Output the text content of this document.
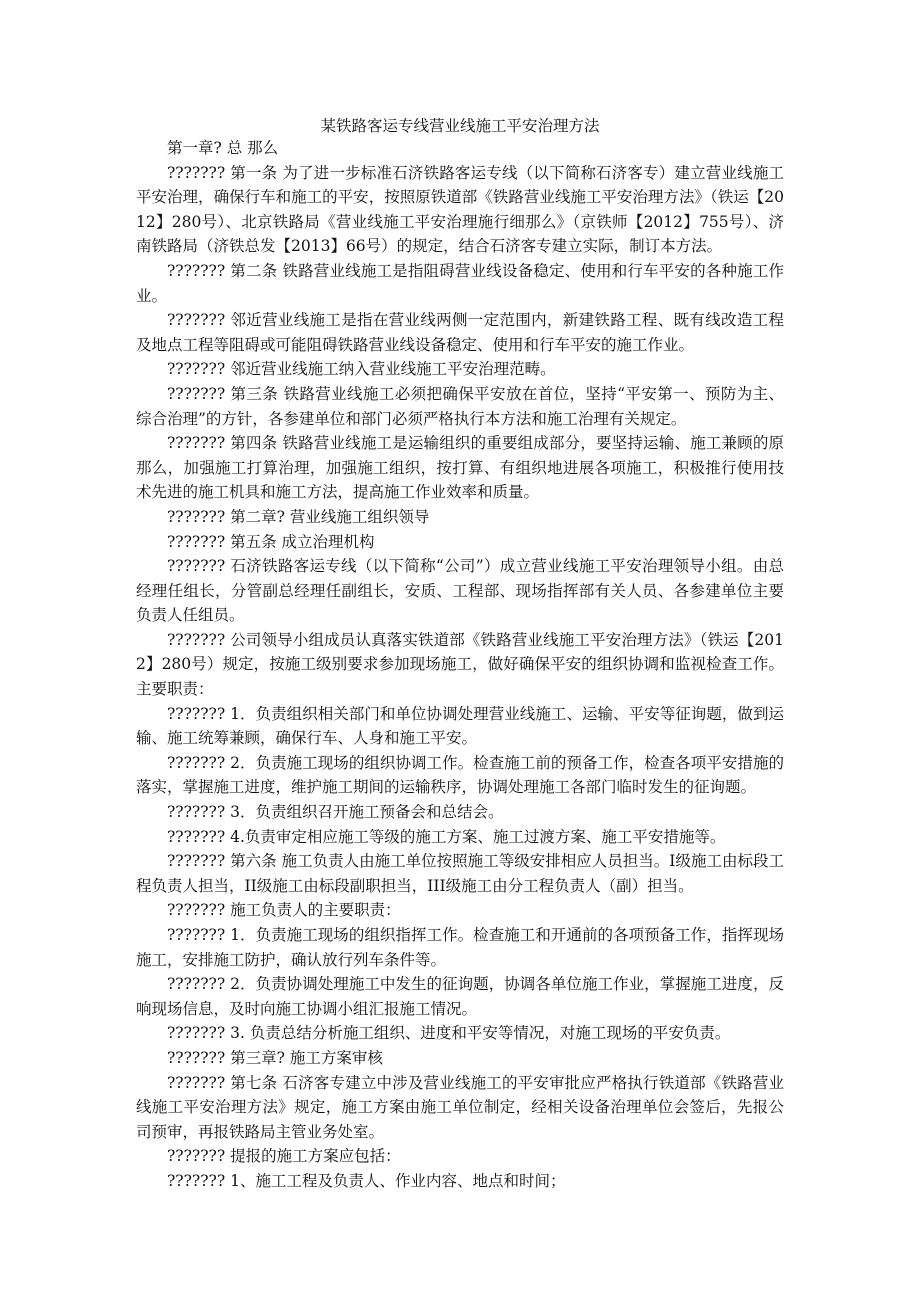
某铁路客运专线营业线施工平安治理方法

第一章? 总 那么

??????? 第一条 为了进一步标准石济铁路客运专线（以下简称石济客专）建立营业线施工平安治理，确保行车和施工的平安，按照原铁道部《铁路营业线施工平安治理方法》（铁运【2012】280号）、北京铁路局《营业线施工平安治理施行细那么》（京铁师【2012】755号）、济南铁路局（济铁总发【2013】66号）的规定，结合石济客专建立实际，制订本方法。

??????? 第二条 铁路营业线施工是指阻碍营业线设备稳定、使用和行车平安的各种施工作业。

??????? 邻近营业线施工是指在营业线两侧一定范围内，新建铁路工程、既有线改造工程及地点工程等阻碍或可能阻碍铁路营业线设备稳定、使用和行车平安的施工作业。

??????? 邻近营业线施工纳入营业线施工平安治理范畴。

??????? 第三条 铁路营业线施工必须把确保平安放在首位，坚持“平安第一、预防为主、综合治理”的方针，各参建单位和部门必须严格执行本方法和施工治理有关规定。

??????? 第四条 铁路营业线施工是运输组织的重要组成部分，要坚持运输、施工兼顾的原那么，加强施工打算治理，加强施工组织，按打算、有组织地进展各项施工，积极推行使用技术先进的施工机具和施工方法，提高施工作业效率和质量。

??????? 第二章? 营业线施工组织领导

??????? 第五条 成立治理机构

??????? 石济铁路客运专线（以下简称“公司”）成立营业线施工平安治理领导小组。由总经理任组长，分管副总经理任副组长，安质、工程部、现场指挥部有关人员、各参建单位主要负责人任组员。

??????? 公司领导小组成员认真落实铁道部《铁路营业线施工平安治理方法》（铁运【2012】280号）规定，按施工级别要求参加现场施工，做好确保平安的组织协调和监视检查工作。主要职责：

??????? 1．负责组织相关部门和单位协调处理营业线施工、运输、平安等征询题，做到运输、施工统筹兼顾，确保行车、人身和施工平安。

??????? 2．负责施工现场的组织协调工作。检查施工前的预备工作，检查各项平安措施的落实，掌握施工进度，维护施工期间的运输秩序，协调处理施工各部门临时发生的征询题。

??????? 3．负责组织召开施工预备会和总结会。

??????? 4.负责审定相应施工等级的施工方案、施工过渡方案、施工平安措施等。

??????? 第六条 施工负责人由施工单位按照施工等级安排相应人员担当。I级施工由标段工程负责人担当，II级施工由标段副职担当，III级施工由分工程负责人（副）担当。

??????? 施工负责人的主要职责：

??????? 1．负责施工现场的组织指挥工作。检查施工和开通前的各项预备工作，指挥现场施工，安排施工防护，确认放行列车条件等。

??????? 2．负责协调处理施工中发生的征询题，协调各单位施工作业，掌握施工进度，反响现场信息，及时向施工协调小组汇报施工情况。

??????? 3. 负责总结分析施工组织、进度和平安等情况，对施工现场的平安负责。

??????? 第三章? 施工方案审核

??????? 第七条 石济客专建立中涉及营业线施工的平安审批应严格执行铁道部《铁路营业线施工平安治理方法》规定，施工方案由施工单位制定，经相关设备治理单位会签后，先报公司预审，再报铁路局主管业务处室。

??????? 提报的施工方案应包括：

??????? 1、施工工程及负责人、作业内容、地点和时间；
